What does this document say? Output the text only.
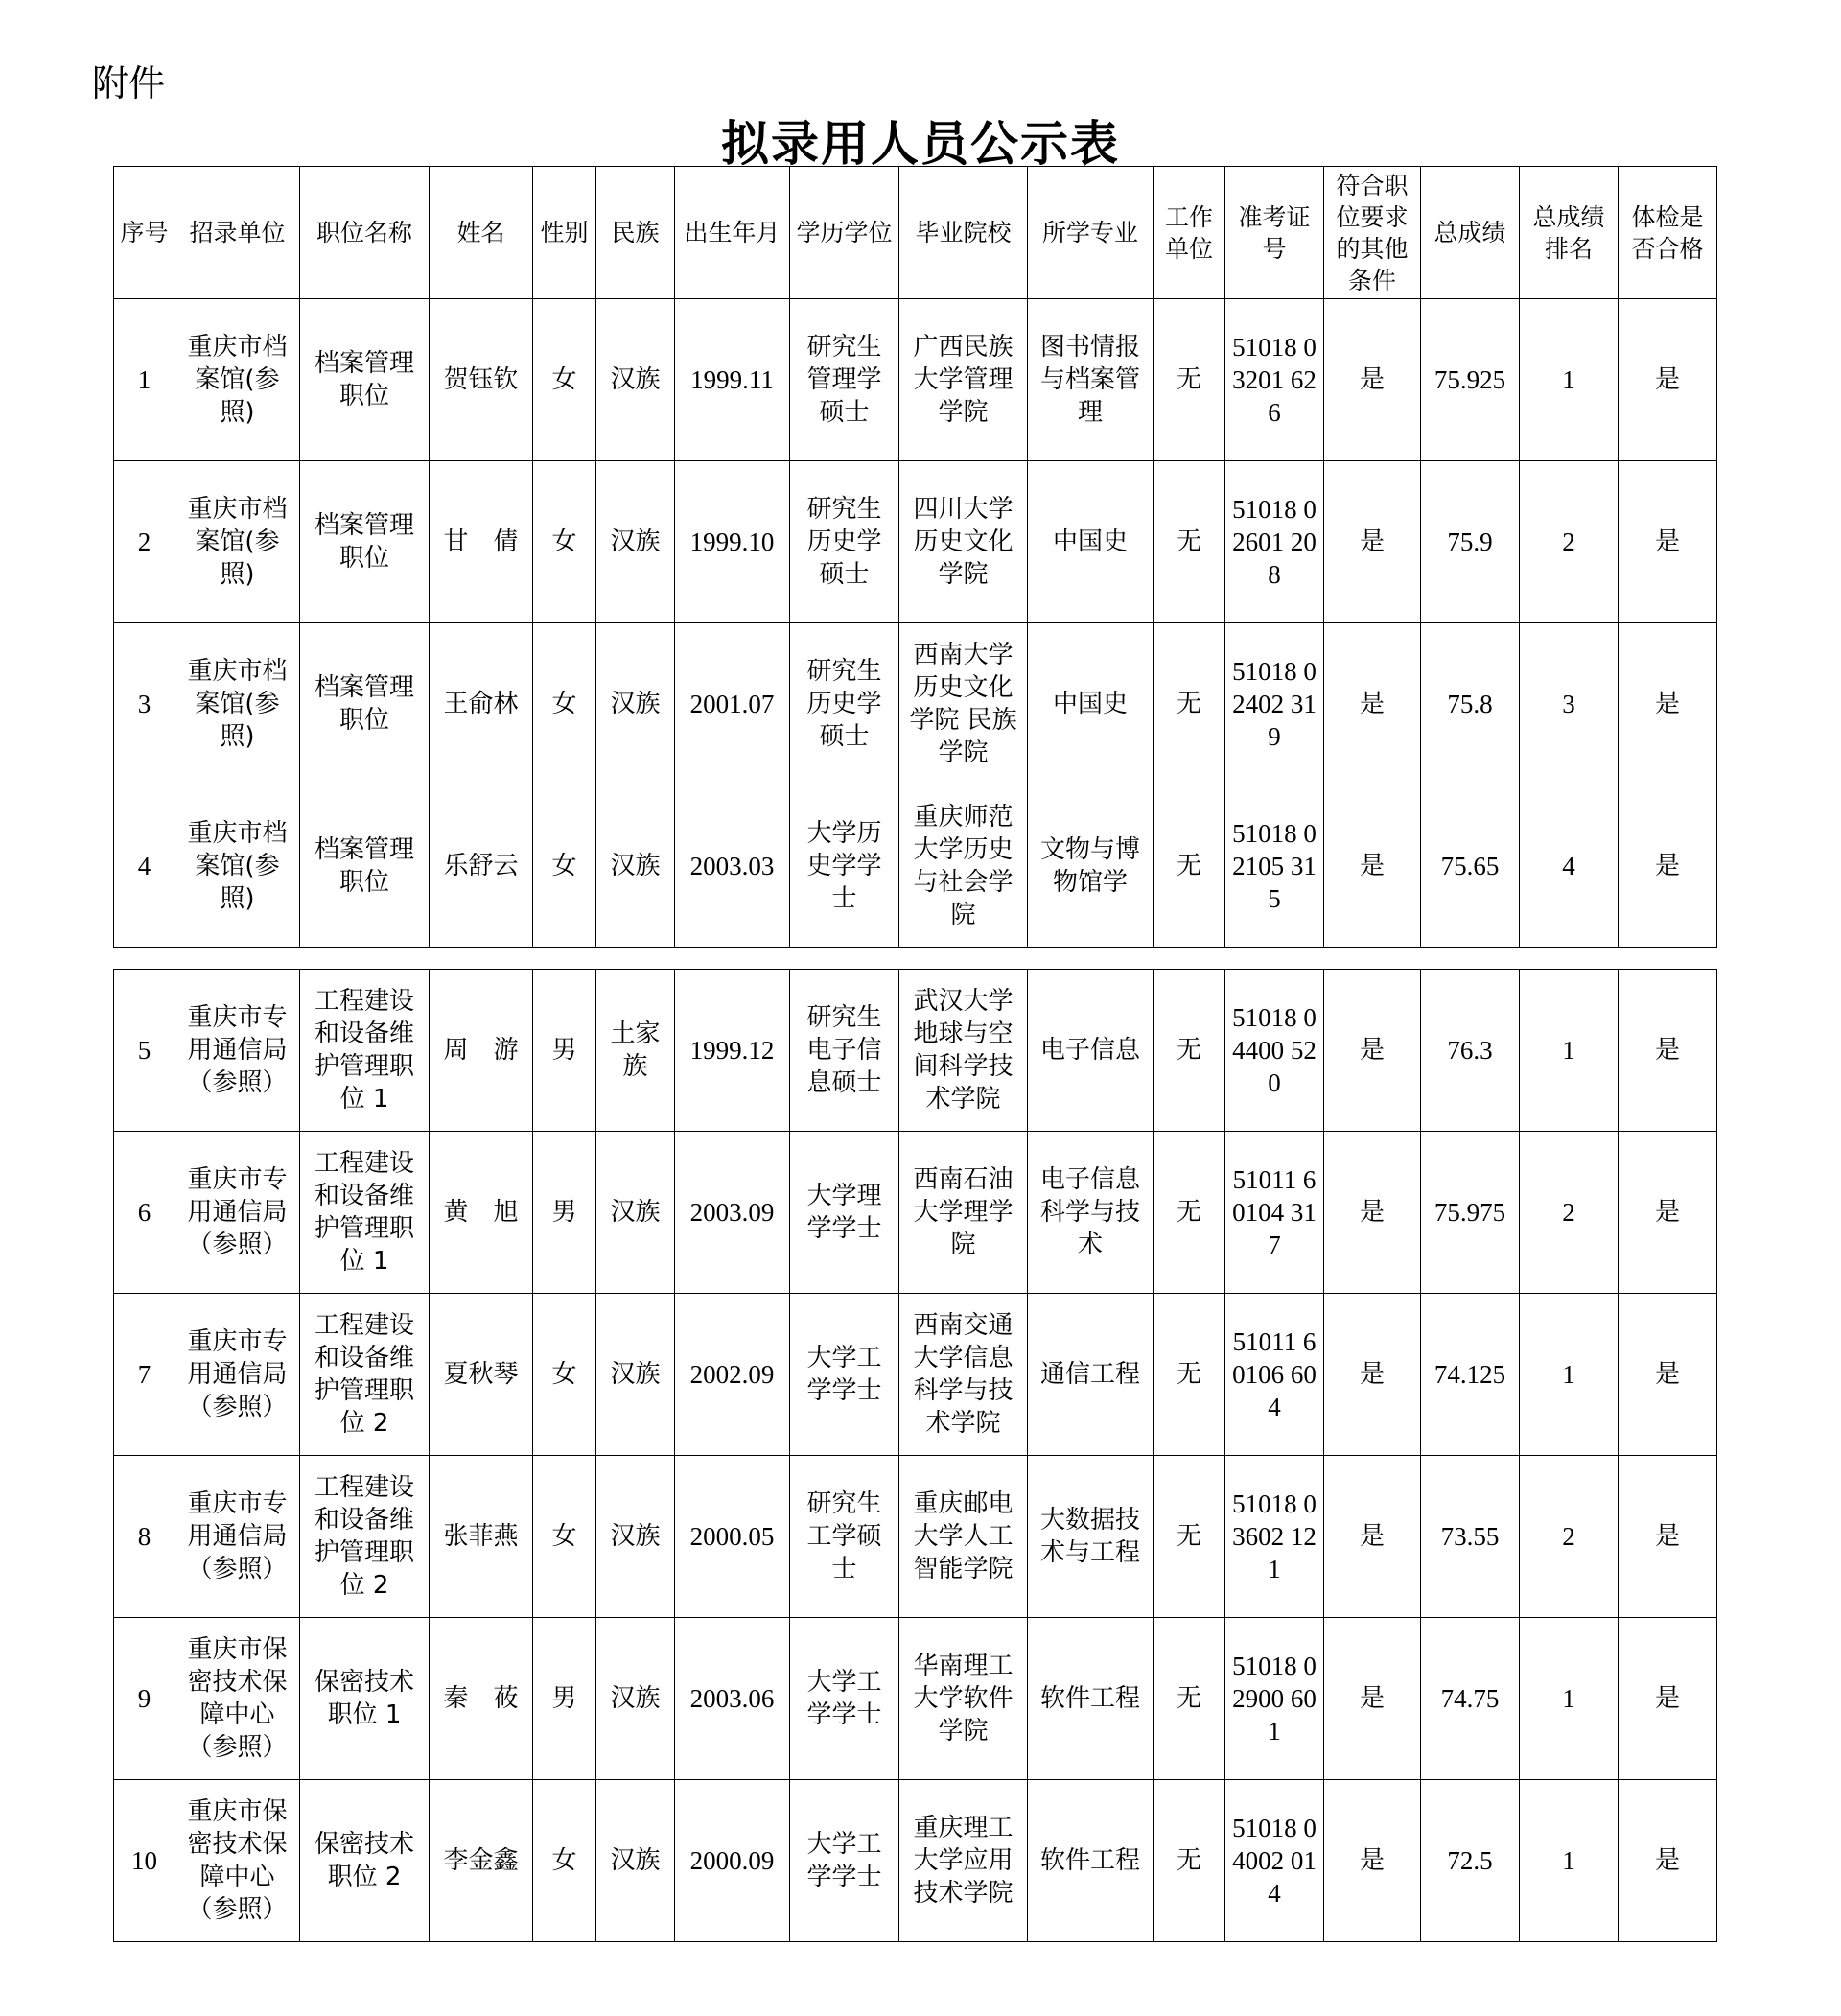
附件
拟录用人员公示表
序号	招录单位	职位名称	姓名	性别	民族	出生年月	学历学位	毕业院校	所学专业	工作单位	准考证号	符合职位要求的其他条件	总成绩	总成绩排名	体检是否合格
1	重庆市档案馆(参照)	档案管理职位	贺钰钦	女	汉族	1999.11	研究生管理学硕士	广西民族大学管理学院	图书情报与档案管理	无	51018 03201 626	是	75.925	1	是
2	重庆市档案馆(参照)	档案管理职位	甘　倩	女	汉族	1999.10	研究生历史学硕士	四川大学历史文化学院	中国史	无	51018 02601 208	是	75.9	2	是
3	重庆市档案馆(参照)	档案管理职位	王俞林	女	汉族	2001.07	研究生历史学硕士	西南大学历史文化学院 民族学院	中国史	无	51018 02402 319	是	75.8	3	是
4	重庆市档案馆(参照)	档案管理职位	乐舒云	女	汉族	2003.03	大学历史学学士	重庆师范大学历史与社会学院	文物与博物馆学	无	51018 02105 315	是	75.65	4	是
5	重庆市专用通信局（参照）	工程建设和设备维护管理职位 1	周　游	男	土家族	1999.12	研究生电子信息硕士	武汉大学地球与空间科学技术学院	电子信息	无	51018 04400 520	是	76.3	1	是
6	重庆市专用通信局（参照）	工程建设和设备维护管理职位 1	黄　旭	男	汉族	2003.09	大学理学学士	西南石油大学理学院	电子信息科学与技术	无	51011 60104 317	是	75.975	2	是
7	重庆市专用通信局（参照）	工程建设和设备维护管理职位 2	夏秋琴	女	汉族	2002.09	大学工学学士	西南交通大学信息科学与技术学院	通信工程	无	51011 60106 604	是	74.125	1	是
8	重庆市专用通信局（参照）	工程建设和设备维护管理职位 2	张菲燕	女	汉族	2000.05	研究生工学硕士	重庆邮电大学人工智能学院	大数据技术与工程	无	51018 03602 121	是	73.55	2	是
9	重庆市保密技术保障中心（参照）	保密技术职位 1	秦　莜	男	汉族	2003.06	大学工学学士	华南理工大学软件学院	软件工程	无	51018 02900 601	是	74.75	1	是
10	重庆市保密技术保障中心（参照）	保密技术职位 2	李金鑫	女	汉族	2000.09	大学工学学士	重庆理工大学应用技术学院	软件工程	无	51018 04002 014	是	72.5	1	是
